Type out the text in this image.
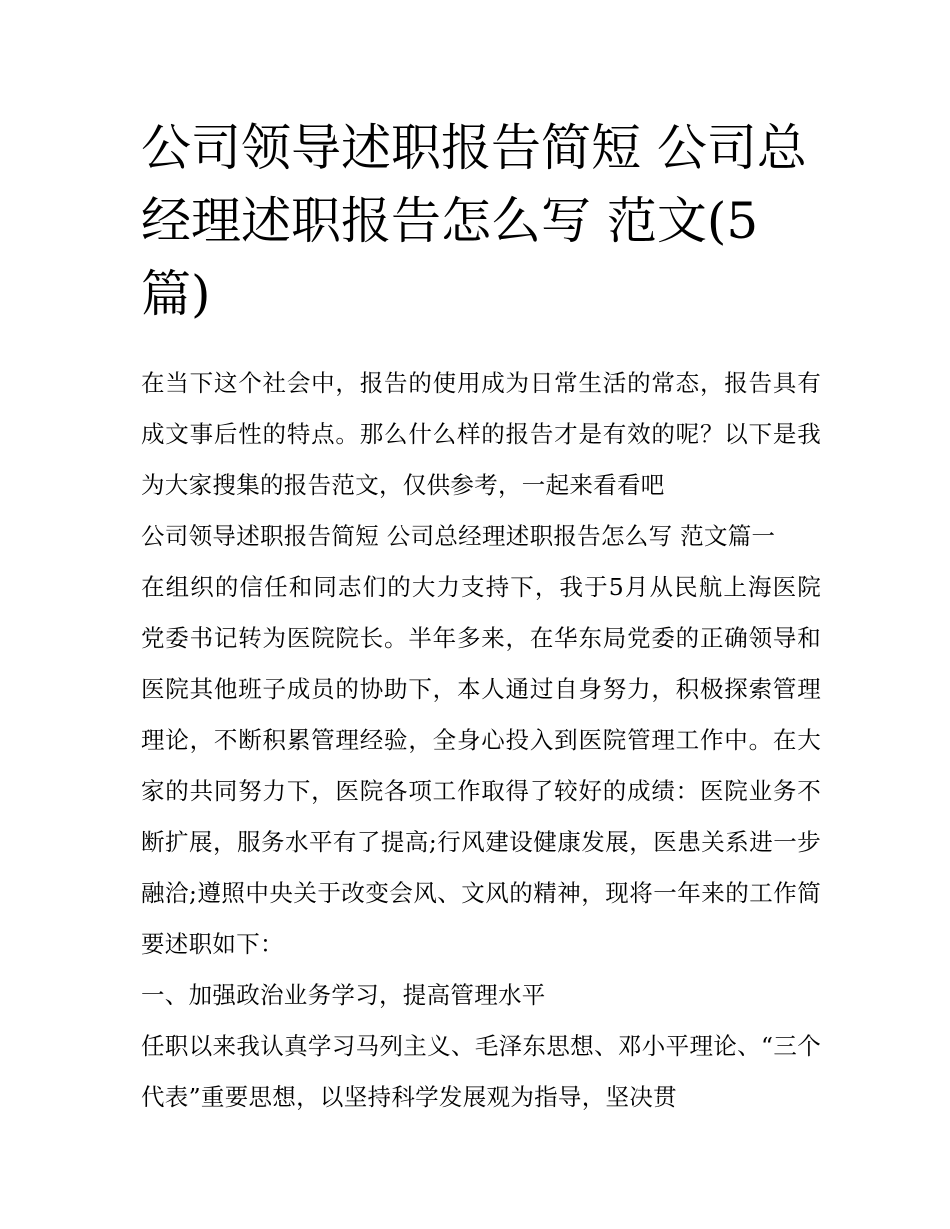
公司领导述职报告简短 公司总经理述职报告怎么写 范文(5篇)

在当下这个社会中，报告的使用成为日常生活的常态，报告具有成文事后性的特点。那么什么样的报告才是有效的呢？以下是我为大家搜集的报告范文，仅供参考，一起来看看吧

公司领导述职报告简短 公司总经理述职报告怎么写 范文篇一

在组织的信任和同志们的大力支持下，我于5月从民航上海医院党委书记转为医院院长。半年多来，在华东局党委的正确领导和医院其他班子成员的协助下，本人通过自身努力，积极探索管理理论，不断积累管理经验，全身心投入到医院管理工作中。在大家的共同努力下，医院各项工作取得了较好的成绩：医院业务不断扩展，服务水平有了提高;行风建设健康发展，医患关系进一步融洽;遵照中央关于改变会风、文风的精神，现将一年来的工作简要述职如下：

一、加强政治业务学习，提高管理水平

任职以来我认真学习马列主义、毛泽东思想、邓小平理论、“三个代表”重要思想，以坚持科学发展观为指导，坚决贯
